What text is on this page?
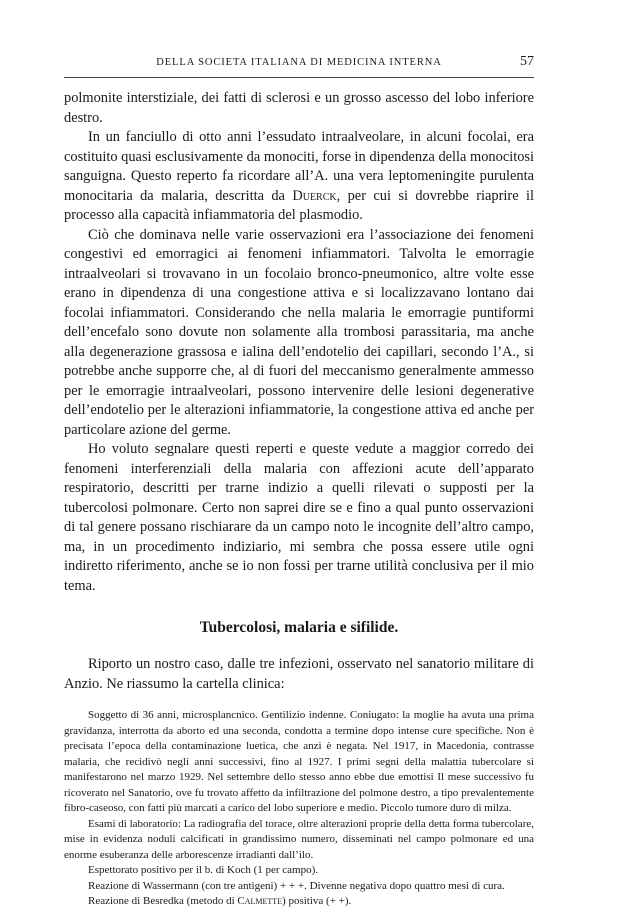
DELLA SOCIETA ITALIANA DI MEDICINA INTERNA	57

polmonite interstiziale, dei fatti di sclerosi e un grosso ascesso del lobo inferiore destro.

In un fanciullo di otto anni l’essudato intraalveolare, in alcuni focolai, era costituito quasi esclusivamente da monociti, forse in dipendenza della monocitosi sanguigna. Questo reperto fa ricordare all’A. una vera leptomeningite purulenta monocitaria da malaria, descritta da Duerck, per cui si dovrebbe riaprire il processo alla capacità infiammatoria del plasmodio.

Ciò che dominava nelle varie osservazioni era l’associazione dei fenomeni congestivi ed emorragici ai fenomeni infiammatori. Talvolta le emorragie intraalveolari si trovavano in un focolaio bronco-pneumonico, altre volte esse erano in dipendenza di una congestione attiva e si localizzavano lontano dai focolai infiammatori. Considerando che nella malaria le emorragie puntiformi dell’encefalo sono dovute non solamente alla trombosi parassitaria, ma anche alla degenerazione grassosa e ialina dell’endotelio dei capillari, secondo l’A., si potrebbe anche supporre che, al di fuori del meccanismo generalmente ammesso per le emorragie intraalveolari, possono intervenire delle lesioni degenerative dell’endotelio per le alterazioni infiammatorie, la congestione attiva ed anche per particolare azione del germe.

Ho voluto segnalare questi reperti e queste vedute a maggior corredo dei fenomeni interferenziali della malaria con affezioni acute dell’apparato respiratorio, descritti per trarne indizio a quelli rilevati o supposti per la tubercolosi polmonare. Certo non saprei dire se e fino a qual punto osservazioni di tal genere possano rischiarare da un campo noto le incognite dell’altro campo, ma, in un procedimento indiziario, mi sembra che possa essere utile ogni indiretto riferimento, anche se io non fossi per trarne utilità conclusiva per il mio tema.

Tubercolosi, malaria e sifilide.

Riporto un nostro caso, dalle tre infezioni, osservato nel sanatorio militare di Anzio. Ne riassumo la cartella clinica:

Soggetto di 36 anni, microsplancnico. Gentilizio indenne. Coniugato: la moglie ha avuta una prima gravidanza, interrotta da aborto ed una seconda, condotta a termine dopo intense cure specifiche. Non è precisata l’epoca della contaminazione luetica, che anzi è negata. Nel 1917, in Macedonia, contrasse malaria, che recidivò negli anni successivi, fino al 1927. I primi segni della malattia tubercolare si manifestarono nel marzo 1929. Nel settembre dello stesso anno ebbe due emottisi Il mese successivo fu ricoverato nel Sanatorio, ove fu trovato affetto da infiltrazione del polmone destro, a tipo prevalentemente fibro-caseoso, con fatti più marcati a carico del lobo superiore e medio. Piccolo tumore duro di milza.

Esami di laboratorio: La radiografia del torace, oltre alterazioni proprie della detta forma tubercolare, mise in evidenza noduli calcificati in grandissimo numero, disseminati nel campo polmonare ed una enorme esuberanza delle arborescenze irradianti dall’ilo.

Espettorato positivo per il b. di Koch (1 per campo).

Reazione di Wassermann (con tre antigeni) + + +. Divenne negativa dopo quattro mesi di cura.

Reazione di Besredka (metodo di Calmette) positiva (+ +).
